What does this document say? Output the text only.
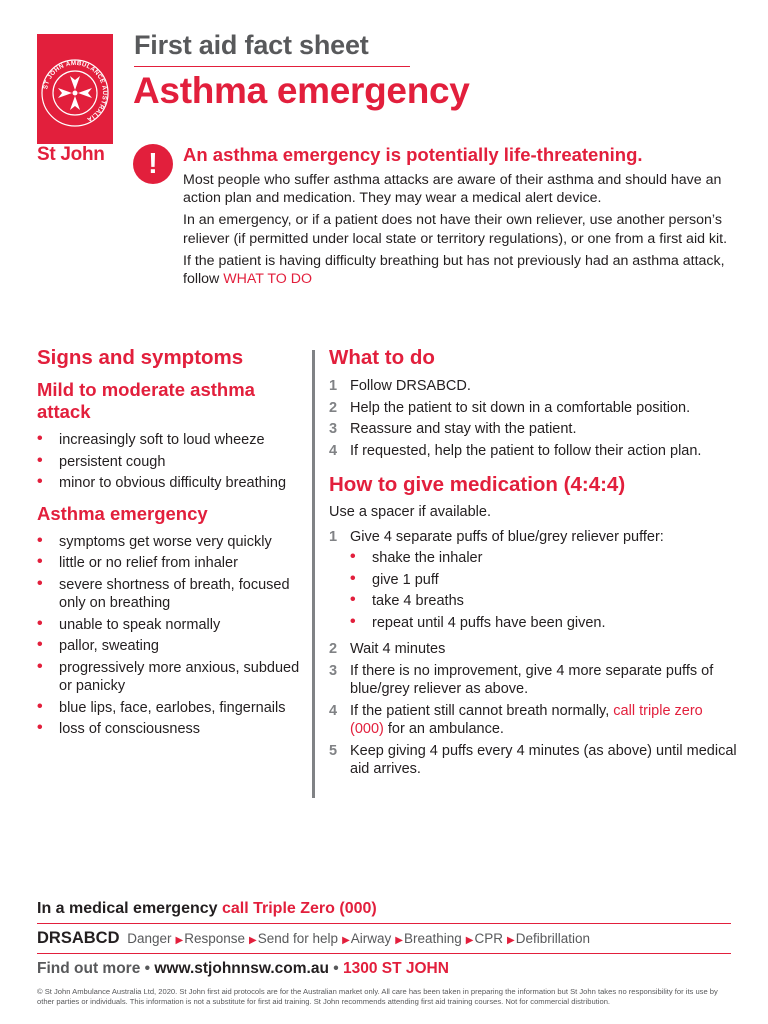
ST JOHN AMBULANCE AUSTRALIA
St John
First aid fact sheet
Asthma emergency
!	An asthma emergency is potentially life-threatening.

Most people who suffer asthma attacks are aware of their asthma and should have an action plan and medication. They may wear a medical alert device.

In an emergency, or if a patient does not have their own reliever, use another person’s reliever (if permitted under local state or territory regulations), or one from a first aid kit.

If the patient is having difficulty breathing but has not previously had an asthma attack, follow WHAT TO DO

Signs and symptoms
Mild to moderate asthma attack
• increasingly soft to loud wheeze
• persistent cough
• minor to obvious difficulty breathing
Asthma emergency
• symptoms get worse very quickly
• little or no relief from inhaler
• severe shortness of breath, focused only on breathing
• unable to speak normally
• pallor, sweating
• progressively more anxious, subdued or panicky
• blue lips, face, earlobes, fingernails
• loss of consciousness
What to do
1 Follow DRSABCD.
2 Help the patient to sit down in a comfortable position.
3 Reassure and stay with the patient.
4 If requested, help the patient to follow their action plan.
How to give medication (4:4:4)
Use a spacer if available.
1 Give 4 separate puffs of blue/grey reliever puffer:
• shake the inhaler
• give 1 puff
• take 4 breaths
• repeat until 4 puffs have been given.
2 Wait 4 minutes
3 If there is no improvement, give 4 more separate puffs of blue/grey reliever as above.
4 If the patient still cannot breath normally, call triple zero (000) for an ambulance.
5 Keep giving 4 puffs every 4 minutes (as above) until medical aid arrives.
In a medical emergency call Triple Zero (000)
DRSABCD Danger ▶Response ▶Send for help ▶Airway ▶Breathing ▶CPR ▶Defibrillation
Find out more • www.stjohnnsw.com.au • 1300 ST JOHN
© St John Ambulance Australia Ltd, 2020. St John first aid protocols are for the Australian market only. All care has been taken in preparing the information but St John takes no responsibility for its use by other parties or individuals. This information is not a substitute for first aid training. St John recommends attending first aid training courses. Not for commercial distribution.
